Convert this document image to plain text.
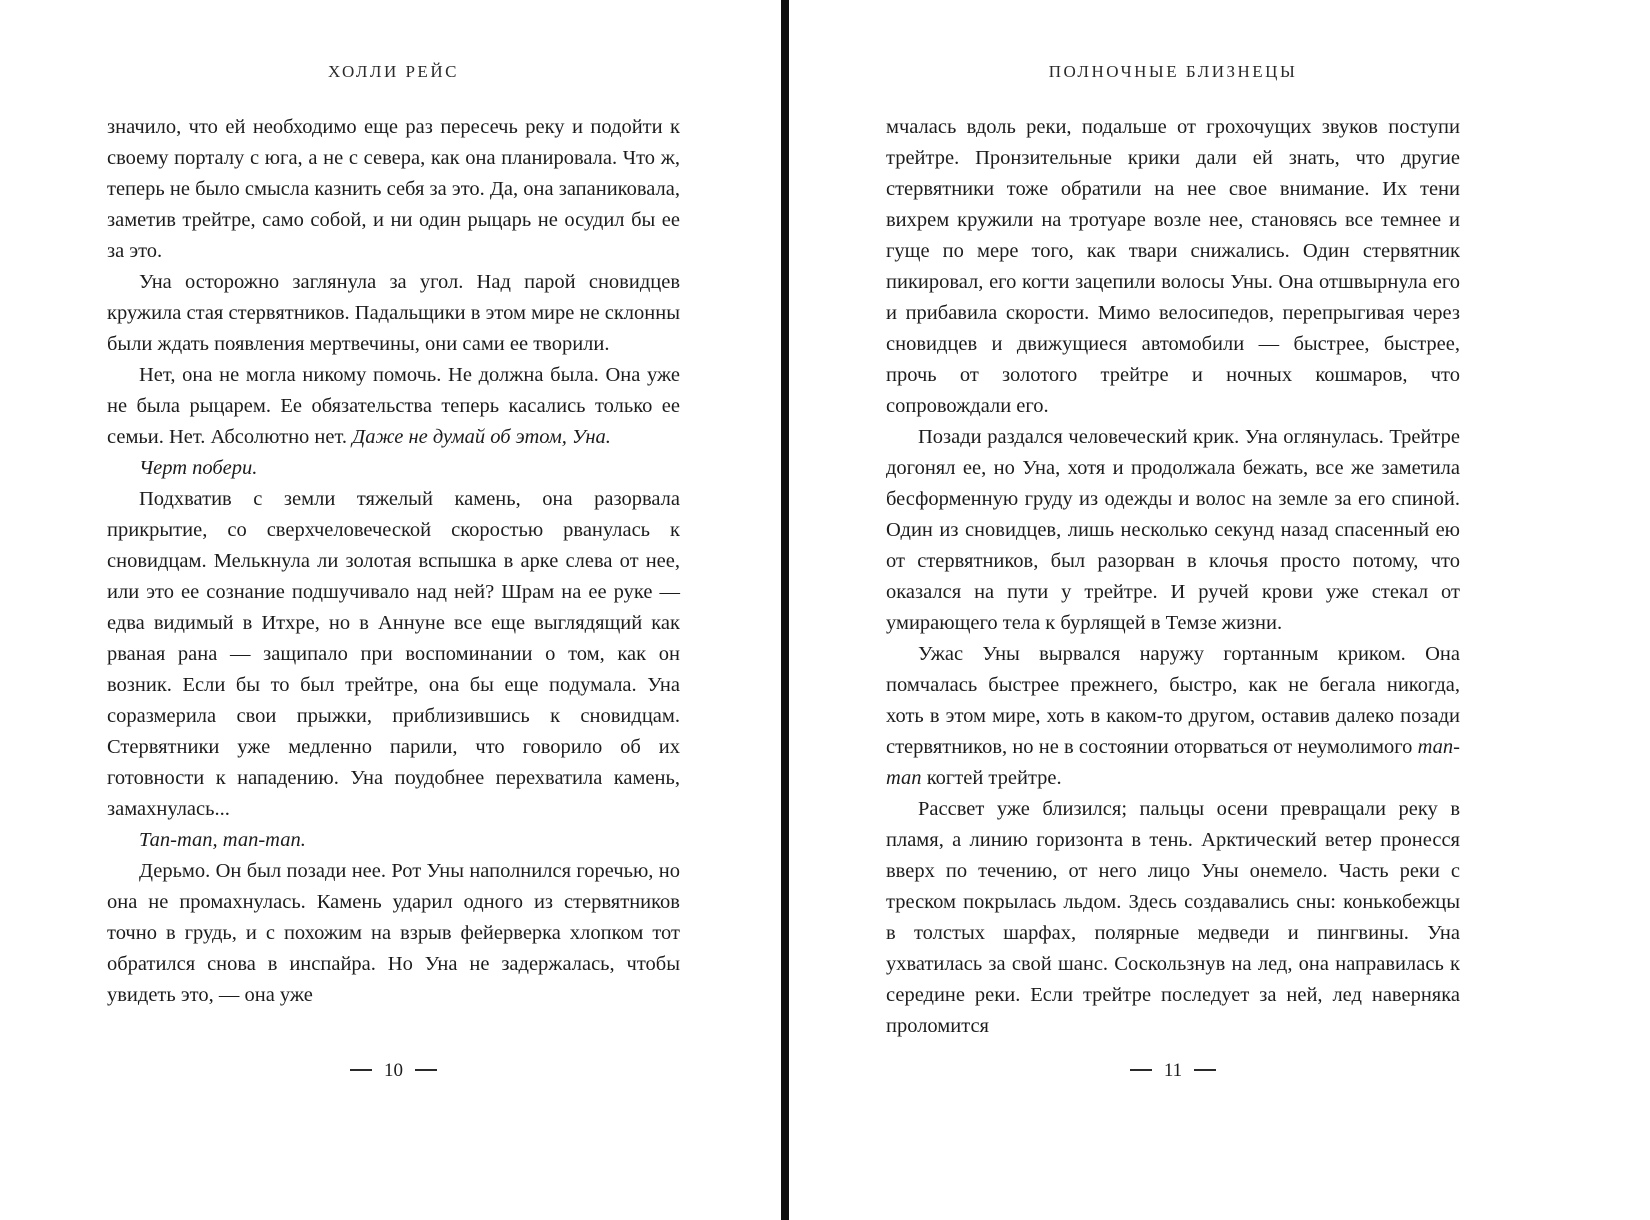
ХОЛЛИ РЕЙС

значило, что ей необходимо еще раз пересечь реку и подойти к своему порталу с юга, а не с севера, как она планировала. Что ж, теперь не было смысла казнить себя за это. Да, она запаниковала, заметив трейтре, само собой, и ни один рыцарь не осудил бы ее за это.

Уна осторожно заглянула за угол. Над парой сновидцев кружила стая стервятников. Падальщики в этом мире не склонны были ждать появления мертвечины, они сами ее творили.

Нет, она не могла никому помочь. Не должна была. Она уже не была рыцарем. Ее обязательства теперь касались только ее семьи. Нет. Абсолютно нет. Даже не думай об этом, Уна.

Черт побери.

Подхватив с земли тяжелый камень, она разорвала прикрытие, со сверхчеловеческой скоростью рванулась к сновидцам. Мелькнула ли золотая вспышка в арке слева от нее, или это ее сознание подшучивало над ней? Шрам на ее руке — едва видимый в Итхре, но в Аннуне все еще выглядящий как рваная рана — защипало при воспоминании о том, как он возник. Если бы то был трейтре, она бы еще подумала. Уна соразмерила свои прыжки, приблизившись к сновидцам. Стервятники уже медленно парили, что говорило об их готовности к нападению. Уна поудобнее перехватила камень, замахнулась...

Тап-тап, тап-тап.

Дерьмо. Он был позади нее. Рот Уны наполнился горечью, но она не промахнулась. Камень ударил одного из стервятников точно в грудь, и с похожим на взрыв фейерверка хлопком тот обратился снова в инспайра. Но Уна не задержалась, чтобы увидеть это, — она уже

10
ПОЛНОЧНЫЕ БЛИЗНЕЦЫ

мчалась вдоль реки, подальше от грохочущих звуков поступи трейтре. Пронзительные крики дали ей знать, что другие стервятники тоже обратили на нее свое внимание. Их тени вихрем кружили на тротуаре возле нее, становясь все темнее и гуще по мере того, как твари снижались. Один стервятник пикировал, его когти зацепили волосы Уны. Она отшвырнула его и прибавила скорости. Мимо велосипедов, перепрыгивая через сновидцев и движущиеся автомобили — быстрее, быстрее, прочь от золотого трейтре и ночных кошмаров, что сопровождали его.

Позади раздался человеческий крик. Уна оглянулась. Трейтре догонял ее, но Уна, хотя и продолжала бежать, все же заметила бесформенную груду из одежды и волос на земле за его спиной. Один из сновидцев, лишь несколько секунд назад спасенный ею от стервятников, был разорван в клочья просто потому, что оказался на пути у трейтре. И ручей крови уже стекал от умирающего тела к бурлящей в Темзе жизни.

Ужас Уны вырвался наружу гортанным криком. Она помчалась быстрее прежнего, быстро, как не бегала никогда, хоть в этом мире, хоть в каком-то другом, оставив далеко позади стервятников, но не в состоянии оторваться от неумолимого тап-тап когтей трейтре.

Рассвет уже близился; пальцы осени превращали реку в пламя, а линию горизонта в тень. Арктический ветер пронесся вверх по течению, от него лицо Уны онемело. Часть реки с треском покрылась льдом. Здесь создавались сны: конькобежцы в толстых шарфах, полярные медведи и пингвины. Уна ухватилась за свой шанс. Соскользнув на лед, она направилась к середине реки. Если трейтре последует за ней, лед наверняка проломится

11
